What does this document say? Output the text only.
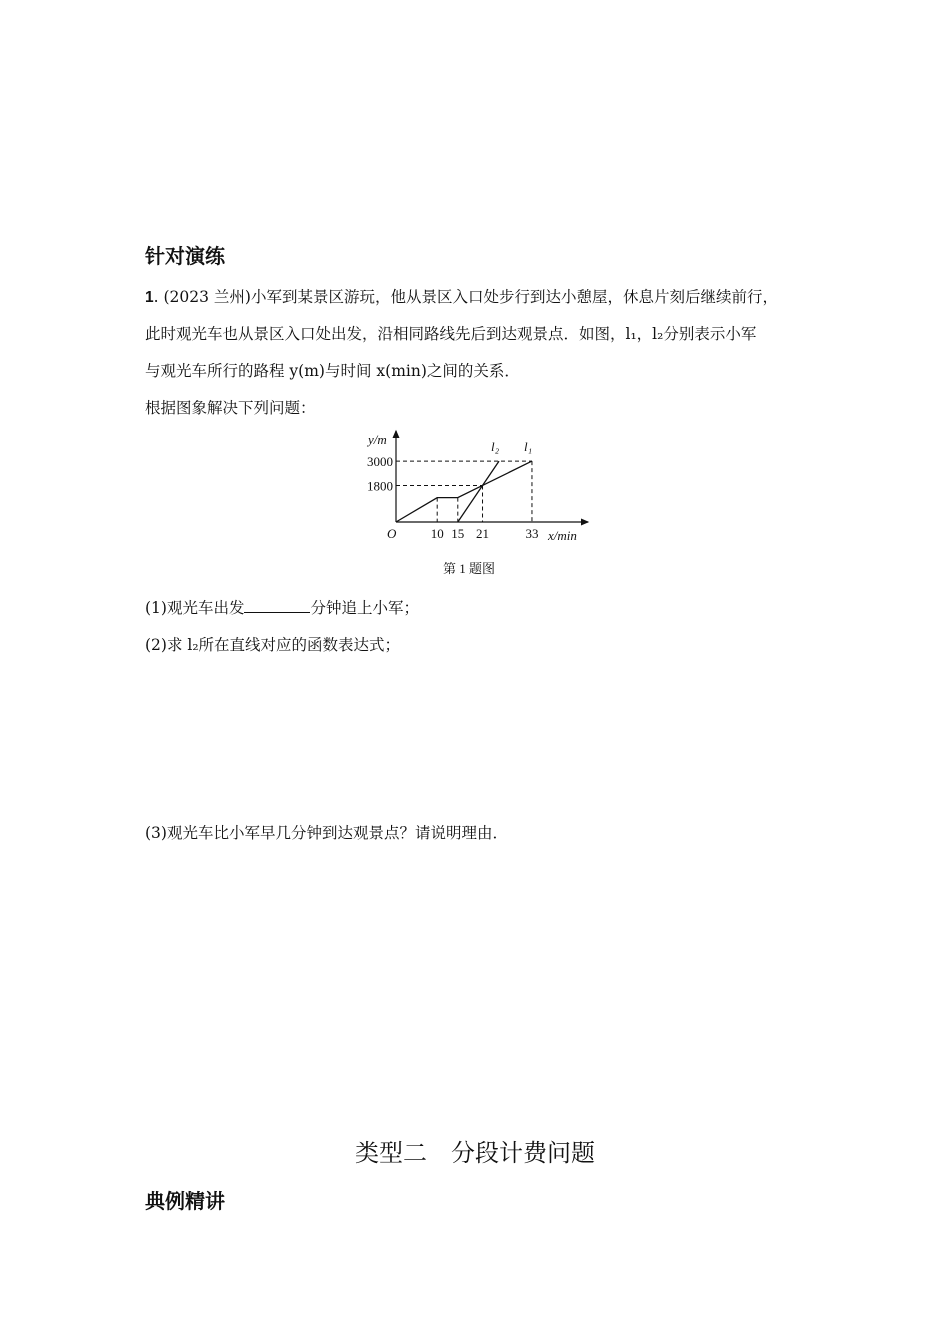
针对演练
1. (2023 兰州)小军到某景区游玩，他从景区入口处步行到达小憩屋，休息片刻后继续前行，
此时观光车也从景区入口处出发，沿相同路线先后到达观景点．如图，l₁，l₂分别表示小军
与观光车所行的路程 y(m)与时间 x(min)之间的关系．
根据图象解决下列问题：
l₁
l₂
10 15 21	33
1800
3000
y/m
x/min
O
第 1 题图
(1)观光车出发	分钟追上小军；
(2)求 l₂所在直线对应的函数表达式；
(3)观光车比小军早几分钟到达观景点？请说明理由．
类型二　分段计费问题
典例精讲
